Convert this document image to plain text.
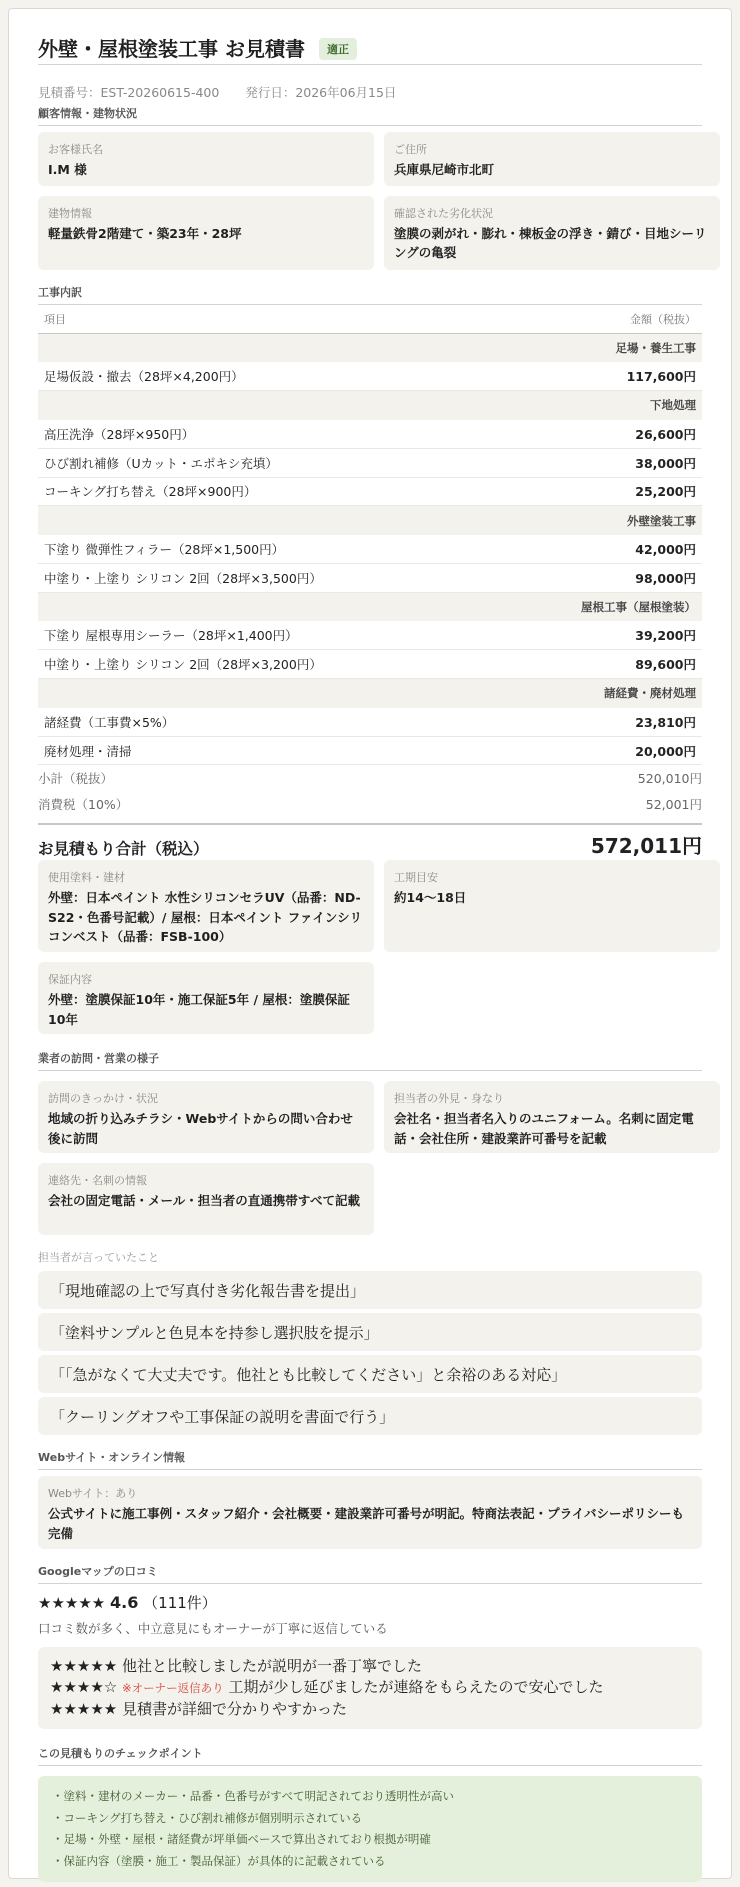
外壁・屋根塗装工事 お見積書	適正
見積番号：EST-20260615-400 発行日：2026年06月15日
顧客情報・建物状況
お客様氏名
I.M 様
ご住所
兵庫県尼崎市北町
建物情報
軽量鉄骨2階建て・築23年・28坪
確認された劣化状況
塗膜の剥がれ・膨れ・棟板金の浮き・錆び・目地シーリングの亀裂
工事内訳
項目	金額（税抜）
足場・養生工事	
足場仮設・撤去（28坪×4,200円）	117,600円
下地処理	
高圧洗浄（28坪×950円）	26,600円
ひび割れ補修（Uカット・エポキシ充填）	38,000円
コーキング打ち替え（28坪×900円）	25,200円
外壁塗装工事	
下塗り 微弾性フィラー（28坪×1,500円）	42,000円
中塗り・上塗り シリコン 2回（28坪×3,500円）	98,000円
屋根工事（屋根塗装）	
下塗り 屋根専用シーラー（28坪×1,400円）	39,200円
中塗り・上塗り シリコン 2回（28坪×3,200円）	89,600円
諸経費・廃材処理	
諸経費（工事費×5%）	23,810円
廃材処理・清掃	20,000円
小計（税抜）	520,010円
消費税（10%）	52,001円
お見積もり合計（税込）	572,011円
使用塗料・建材
外壁：日本ペイント 水性シリコンセラUV（品番：ND-S22・色番号記載）/ 屋根：日本ペイント ファインシリコンベスト（品番：FSB-100）
工期目安
約14〜18日
保証内容
外壁：塗膜保証10年・施工保証5年 / 屋根：塗膜保証10年
業者の訪問・営業の様子
訪問のきっかけ・状況
地域の折り込みチラシ・Webサイトからの問い合わせ後に訪問
担当者の外見・身なり
会社名・担当者名入りのユニフォーム。名刺に固定電話・会社住所・建設業許可番号を記載
連絡先・名刺の情報
会社の固定電話・メール・担当者の直通携帯すべて記載
担当者が言っていたこと
「現地確認の上で写真付き劣化報告書を提出」
「塗料サンプルと色見本を持参し選択肢を提示」
「「急がなくて大丈夫です。他社とも比較してください」と余裕のある対応」
「クーリングオフや工事保証の説明を書面で行う」
Webサイト・オンライン情報
Webサイト：あり
公式サイトに施工事例・スタッフ紹介・会社概要・建設業許可番号が明記。特商法表記・プライバシーポリシーも完備
Googleマップの口コミ
★★★★★ 4.6 （111件）
口コミ数が多く、中立意見にもオーナーが丁寧に返信している
★★★★★ 他社と比較しましたが説明が一番丁寧でした
★★★★☆ ※オーナー返信あり 工期が少し延びましたが連絡をもらえたので安心でした
★★★★★ 見積書が詳細で分かりやすかった
この見積もりのチェックポイント
・塗料・建材のメーカー・品番・色番号がすべて明記されており透明性が高い
・コーキング打ち替え・ひび割れ補修が個別明示されている
・足場・外壁・屋根・諸経費が坪単価ベースで算出されており根拠が明確
・保証内容（塗膜・施工・製品保証）が具体的に記載されている
